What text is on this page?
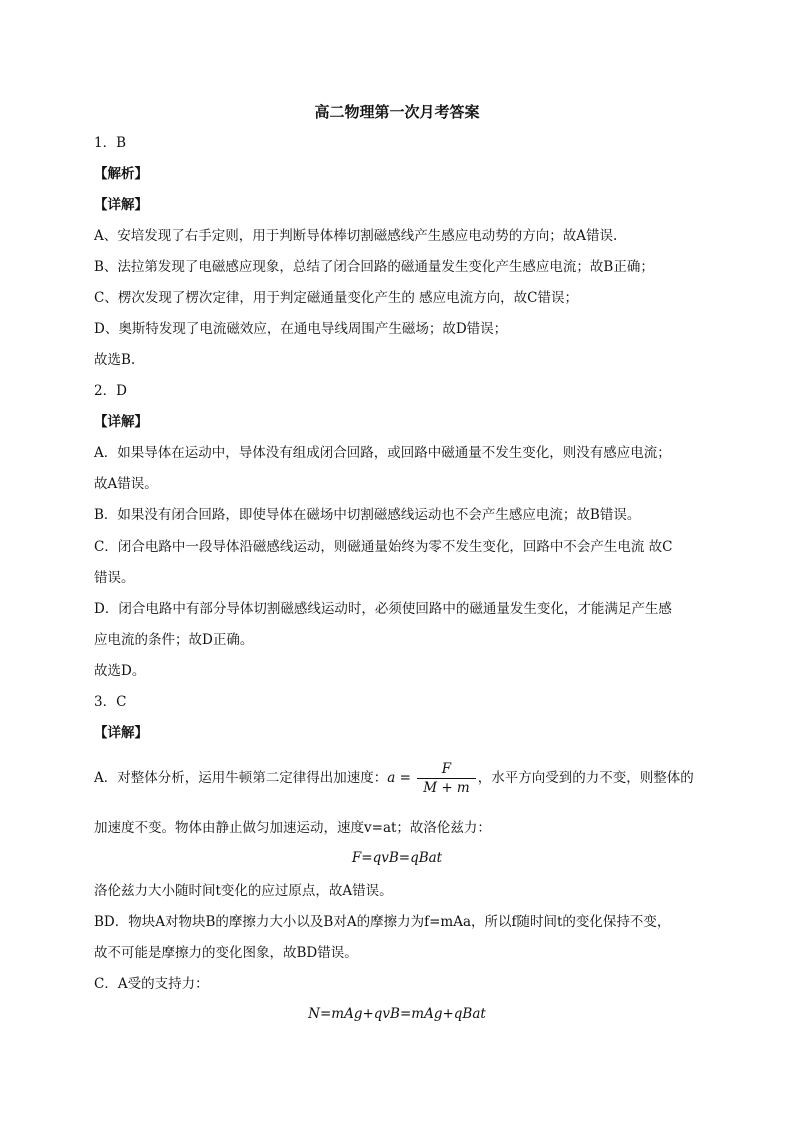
高二物理第一次月考答案
1．B
【解析】
【详解】
A、安培发现了右手定则，用于判断导体棒切割磁感线产生感应电动势的方向；故A错误.
B、法拉第发现了电磁感应现象，总结了闭合回路的磁通量发生变化产生感应电流；故B正确；
C、楞次发现了楞次定律，用于判定磁通量变化产生的 感应电流方向，故C错误；
D、奥斯特发现了电流磁效应，在通电导线周围产生磁场；故D错误；
故选B.
2．D
【详解】
A．如果导体在运动中，导体没有组成闭合回路，或回路中磁通量不发生变化，则没有感应电流；
故A错误。
B．如果没有闭合回路，即使导体在磁场中切割磁感线运动也不会产生感应电流；故B错误。
C．闭合电路中一段导体沿磁感线运动，则磁通量始终为零不发生变化，回路中不会产生电流 故C
错误。
D．闭合电路中有部分导体切割磁感线运动时，必须使回路中的磁通量发生变化，才能满足产生感
应电流的条件；故D正确。
故选D。
3．C
【详解】
A．对整体分析，运用牛顿第二定律得出加速度：$a = \frac{F}{M + m}$ ，水平方向受到的力不变，则整体的
加速度不变。物体由静止做匀加速运动，速度v=at；故洛伦兹力：
F=qvB=qBat
洛伦兹力大小随时间t变化的应过原点，故A错误。
BD．物块A对物块B的摩擦力大小以及B对A的摩擦力为f=mAa，所以f随时间t的变化保持不变，
故不可能是摩擦力的变化图象，故BD错误。
C．A受的支持力：
N=mAg+qvB=mAg+qBat
